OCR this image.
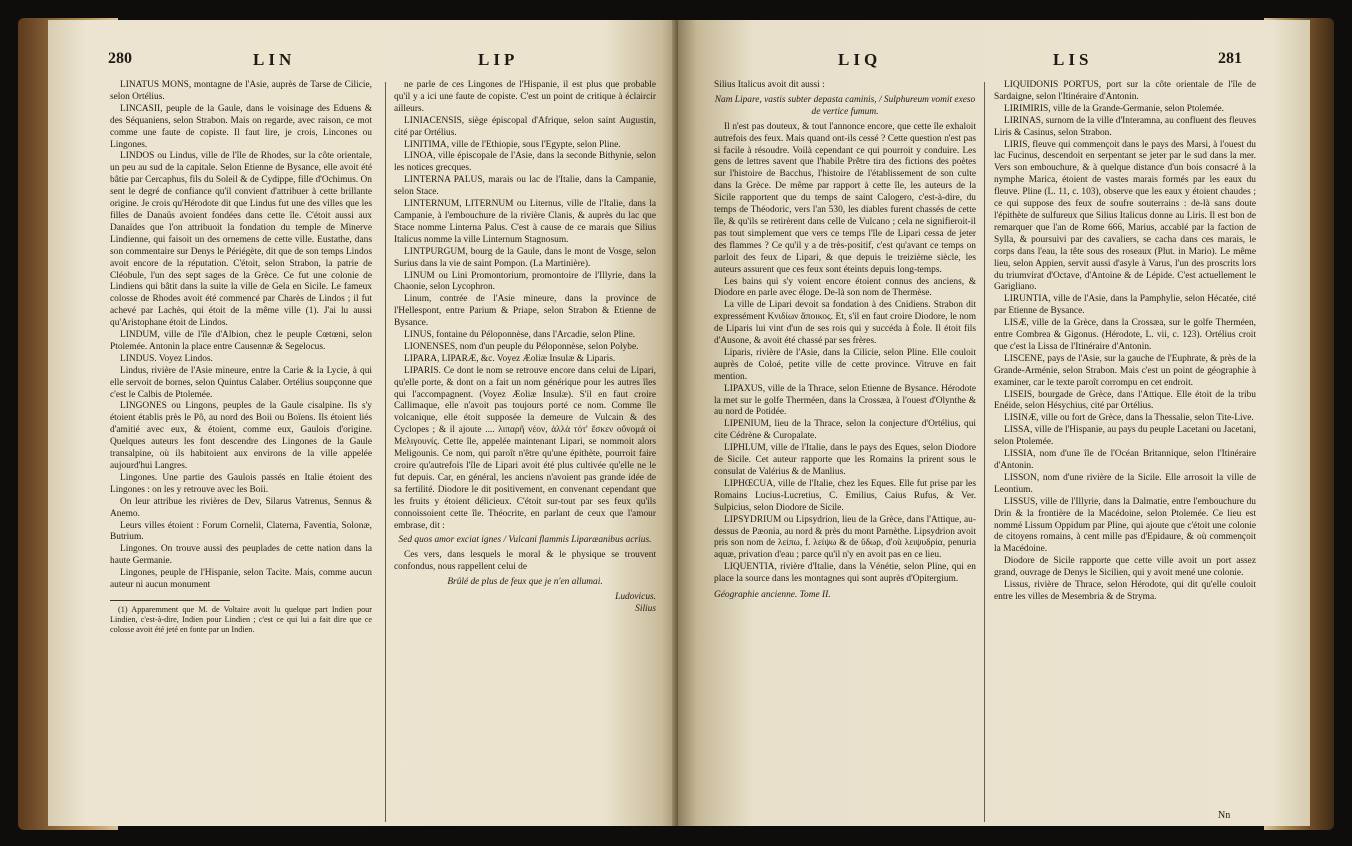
280	LIN	LIP

LINATUS MONS, montagne de l'Asie, auprès de Tarse de Cilicie, selon Ortélius.

LINCASII, peuple de la Gaule, dans le voisinage des Eduens & des Séquaniens, selon Strabon. Mais on regarde, avec raison, ce mot comme une faute de copiste. Il faut lire, je crois, Lincones ou Lingones.

LINDOS ou Lindus, ville de l'île de Rhodes, sur la côte orientale, un peu au sud de la capitale. Selon Etienne de Bysance, elle avoit été bâtie par Cercaphus, fils du Soleil & de Cydippe, fille d'Ochimus. On sent le degré de confiance qu'il convient d'attribuer à cette brillante origine. Je crois qu'Hérodote dit que Lindus fut une des villes que les filles de Danaüs avoient fondées dans cette île. C'étoit aussi aux Danaïdes que l'on attribuoit la fondation du temple de Minerve Lindienne, qui faisoit un des ornemens de cette ville. Eustathe, dans son commentaire sur Denys le Périégète, dit que de son temps Lindos avoit encore de la réputation. C'étoit, selon Strabon, la patrie de Cléobule, l'un des sept sages de la Grèce. Ce fut une colonie de Lindiens qui bâtit dans la suite la ville de Gela en Sicile. Le fameux colosse de Rhodes avoit été commencé par Charès de Lindos ; il fut achevé par Lachès, qui étoit de la même ville (1). J'ai lu aussi qu'Aristophane étoit de Lindos.

LINDUM, ville de l'île d'Albion, chez le peuple Cœtœni, selon Ptolemée. Antonin la place entre Causennæ & Segelocus.

LINDUS. Voyez Lindos.

Lindus, rivière de l'Asie mineure, entre la Carie & la Lycie, à qui elle servoit de bornes, selon Quintus Calaber. Ortélius soupçonne que c'est le Calbis de Ptolemée.

LINGONES ou Lingons, peuples de la Gaule cisalpine. Ils s'y étoient établis près le Pô, au nord des Boii ou Boïens. Ils étoient liés d'amitié avec eux, & étoient, comme eux, Gaulois d'origine. Quelques auteurs les font descendre des Lingones de la Gaule transalpine, où ils habitoient aux environs de la ville appelée aujourd'hui Langres.

Lingones. Une partie des Gaulois passés en Italie étoient des Lingones : on les y retrouve avec les Boii.

On leur attribue les rivières de Dev, Silarus Vatrenus, Sennus & Anemo.

Leurs villes étoient : Forum Cornelii, Claterna, Faventia, Solonæ, Butrium.

Lingones. On trouve aussi des peuplades de cette nation dans la haute Germanie.

Lingones, peuple de l'Hispanie, selon Tacite. Mais, comme aucun auteur ni aucun monument

(1) Apparemment que M. de Voltaire avoit lu quelque part Indien pour Lindien, c'est-à-dire, Indien pour Lindien ; c'est ce qui lui a fait dire que ce colosse avoit été jeté en fonte par un Indien.

ne parle de ces Lingones de l'Hispanie, il est plus que probable qu'il y a ici une faute de copiste. C'est un point de critique à éclaircir ailleurs.

LINIACENSIS, siège épiscopal d'Afrique, selon saint Augustin, cité par Ortélius.

LINITIMA, ville de l'Ethiopie, sous l'Egypte, selon Pline.

LINOA, ville épiscopale de l'Asie, dans la seconde Bithynie, selon les notices grecques.

LINTERNA PALUS, marais ou lac de l'Italie, dans la Campanie, selon Stace.

LINTERNUM, LITERNUM ou Liternus, ville de l'Italie, dans la Campanie, à l'embouchure de la rivière Clanis, & auprès du lac que Stace nomme Linterna Palus. C'est à cause de ce marais que Silius Italicus nomme la ville Linternum Stagnosum.

LINTPURGUM, bourg de la Gaule, dans le mont de Vosge, selon Surius dans la vie de saint Pompon. (La Martinière).

LINUM ou Lini Promontorium, promontoire de l'Illyrie, dans la Chaonie, selon Lycophron.

Linum, contrée de l'Asie mineure, dans la province de l'Hellespont, entre Parium & Priape, selon Strabon & Etienne de Bysance.

LINUS, fontaine du Péloponnèse, dans l'Arcadie, selon Pline.

LIONENSES, nom d'un peuple du Péloponnèse, selon Polybe.

LIPARA, LIPARÆ, &c. Voyez Æoliæ Insulæ & Liparis.

LIPARIS. Ce dont le nom se retrouve encore dans celui de Lipari, qu'elle porte, & dont on a fait un nom générique pour les autres îles qui l'accompagnent. (Voyez Æoliæ Insulæ). S'il en faut croire Callimaque, elle n'avoit pas toujours porté ce nom. Comme île volcanique, elle étoit supposée la demeure de Vulcain & des Cyclopes ; & il ajoute .... λιπαρῆ νέον, ἀλλὰ τότ' ἔσκεν οὔνομά οἱ Μελιγουνίς. Cette île, appelée maintenant Lipari, se nommoit alors Meligounis. Ce nom, qui paroît n'être qu'une épithète, pourroit faire croire qu'autrefois l'île de Lipari avoit été plus cultivée qu'elle ne le fut depuis. Car, en général, les anciens n'avoient pas grande idée de sa fertilité. Diodore le dit positivement, en convenant cependant que les fruits y étoient délicieux. C'étoit sur-tout par ses feux qu'ils connoissoient cette île. Théocrite, en parlant de ceux que l'amour embrase, dit :

Sed quos amor exciat ignes / Vulcani flammis Liparæanibus acrius.

Ces vers, dans lesquels le moral & le physique se trouvent confondus, nous rappellent celui de

Brûlé de plus de feux que je n'en allumai.

Ludovicus.

Silius

LIQ	LIS	281

Silius Italicus avoit dit aussi :

Nam Lipare, vastis subter depasta caminis, / Sulphureum vomit exeso de vertice fumum.

Il n'est pas douteux, & tout l'annonce encore, que cette île exhaloit autrefois des feux. Mais quand ont-ils cessé ? Cette question n'est pas si facile à résoudre. Voilà cependant ce qui pourroit y conduire. Les gens de lettres savent que l'habile Prêtre tira des fictions des poètes sur l'histoire de Bacchus, l'histoire de l'établissement de son culte dans la Grèce. De même par rapport à cette île, les auteurs de la Sicile rapportent que du temps de saint Calogero, c'est-à-dire, du temps de Théodoric, vers l'an 530, les diables furent chassés de cette île, & qu'ils se retirèrent dans celle de Vulcano ; cela ne signifieroit-il pas tout simplement que vers ce temps l'île de Lipari cessa de jeter des flammes ? Ce qu'il y a de très-positif, c'est qu'avant ce temps on parloit des feux de Lipari, & que depuis le treizième siècle, les auteurs assurent que ces feux sont éteints depuis long-temps.

Les bains qui s'y voient encore étoient connus des anciens, & Diodore en parle avec éloge. De-là son nom de Thermèse.

La ville de Lipari devoit sa fondation à des Cnidiens. Strabon dit expressément Κνιδίων ἄποικος. Et, s'il en faut croire Diodore, le nom de Liparis lui vint d'un de ses rois qui y succéda à Éole. Il étoit fils d'Ausone, & avoit été chassé par ses frères.

Liparis, rivière de l'Asie, dans la Cilicie, selon Pline. Elle couloit auprès de Coloé, petite ville de cette province. Vitruve en fait mention.

LIPAXUS, ville de la Thrace, selon Etienne de Bysance. Hérodote la met sur le golfe Therméen, dans la Crossæa, à l'ouest d'Olynthe & au nord de Potidée.

LIPENIUM, lieu de la Thrace, selon la conjecture d'Ortélius, qui cite Cédrène & Curopalate.

LIPHLUM, ville de l'Italie, dans le pays des Eques, selon Diodore de Sicile. Cet auteur rapporte que les Romains la prirent sous le consulat de Valérius & de Manlius.

LIPHŒCUA, ville de l'Italie, chez les Eques. Elle fut prise par les Romains Lucius-Lucretius, C. Emilius, Caius Rufus, & Ver. Sulpicius, selon Diodore de Sicile.

LIPSYDRIUM ou Lipsydrion, lieu de la Grèce, dans l'Attique, au-dessus de Pæonia, au nord & près du mont Parnèthe. Lipsydrion avoit pris son nom de λείπω, f. λείψω & de ὕδωρ, d'où λειψυδρία, penuria aquæ, privation d'eau ; parce qu'il n'y en avoit pas en ce lieu.

LIQUENTIA, rivière d'Italie, dans la Vénétie, selon Pline, qui en place la source dans les montagnes qui sont auprès d'Opitergium.

Géographie ancienne. Tome II.

LIQUIDONIS PORTUS, port sur la côte orientale de l'île de Sardaigne, selon l'Itinéraire d'Antonin.

LIRIMIRIS, ville de la Grande-Germanie, selon Ptolemée.

LIRINAS, surnom de la ville d'Interamna, au confluent des fleuves Liris & Casinus, selon Strabon.

LIRIS, fleuve qui commençoit dans le pays des Marsi, à l'ouest du lac Fucinus, descendoit en serpentant se jeter par le sud dans la mer. Vers son embouchure, & à quelque distance d'un bois consacré à la nymphe Marica, étoient de vastes marais formés par les eaux du fleuve. Pline (L. 11, c. 103), observe que les eaux y étoient chaudes ; ce qui suppose des feux de soufre souterrains : de-là sans doute l'épithète de sulfureux que Silius Italicus donne au Liris. Il est bon de remarquer que l'an de Rome 666, Marius, accablé par la faction de Sylla, & poursuivi par des cavaliers, se cacha dans ces marais, le corps dans l'eau, la tête sous des roseaux (Plut. in Mario). Le même lieu, selon Appien, servit aussi d'asyle à Varus, l'un des proscrits lors du triumvirat d'Octave, d'Antoine & de Lépide. C'est actuellement le Garigliano.

LIRUNTIA, ville de l'Asie, dans la Pamphylie, selon Hécatée, cité par Etienne de Bysance.

LISÆ, ville de la Grèce, dans la Crossæa, sur le golfe Therméen, entre Combrea & Gigonus. (Hérodote, L. vii, c. 123). Ortélius croit que c'est la Lissa de l'Itinéraire d'Antonin.

LISCENE, pays de l'Asie, sur la gauche de l'Euphrate, & près de la Grande-Arménie, selon Strabon. Mais c'est un point de géographie à examiner, car le texte paroît corrompu en cet endroit.

LISEIS, bourgade de Grèce, dans l'Attique. Elle étoit de la tribu Enéide, selon Hésychius, cité par Ortélius.

LISINÆ, ville ou fort de Grèce, dans la Thessalie, selon Tite-Live.

LISSA, ville de l'Hispanie, au pays du peuple Lacetani ou Jacetani, selon Ptolemée.

LISSIA, nom d'une île de l'Océan Britannique, selon l'Itinéraire d'Antonin.

LISSON, nom d'une rivière de la Sicile. Elle arrosoit la ville de Leontium.

LISSUS, ville de l'Illyrie, dans la Dalmatie, entre l'embouchure du Drin & la frontière de la Macédoine, selon Ptolemée. Ce lieu est nommé Lissum Oppidum par Pline, qui ajoute que c'étoit une colonie de citoyens romains, à cent mille pas d'Epidaure, & où commençoit la Macédoine.

Diodore de Sicile rapporte que cette ville avoit un port assez grand, ouvrage de Denys le Sicilien, qui y avoit mené une colonie.

Lissus, rivière de Thrace, selon Hérodote, qui dit qu'elle couloit entre les villes de Mesembria & de Stryma.

Nn
